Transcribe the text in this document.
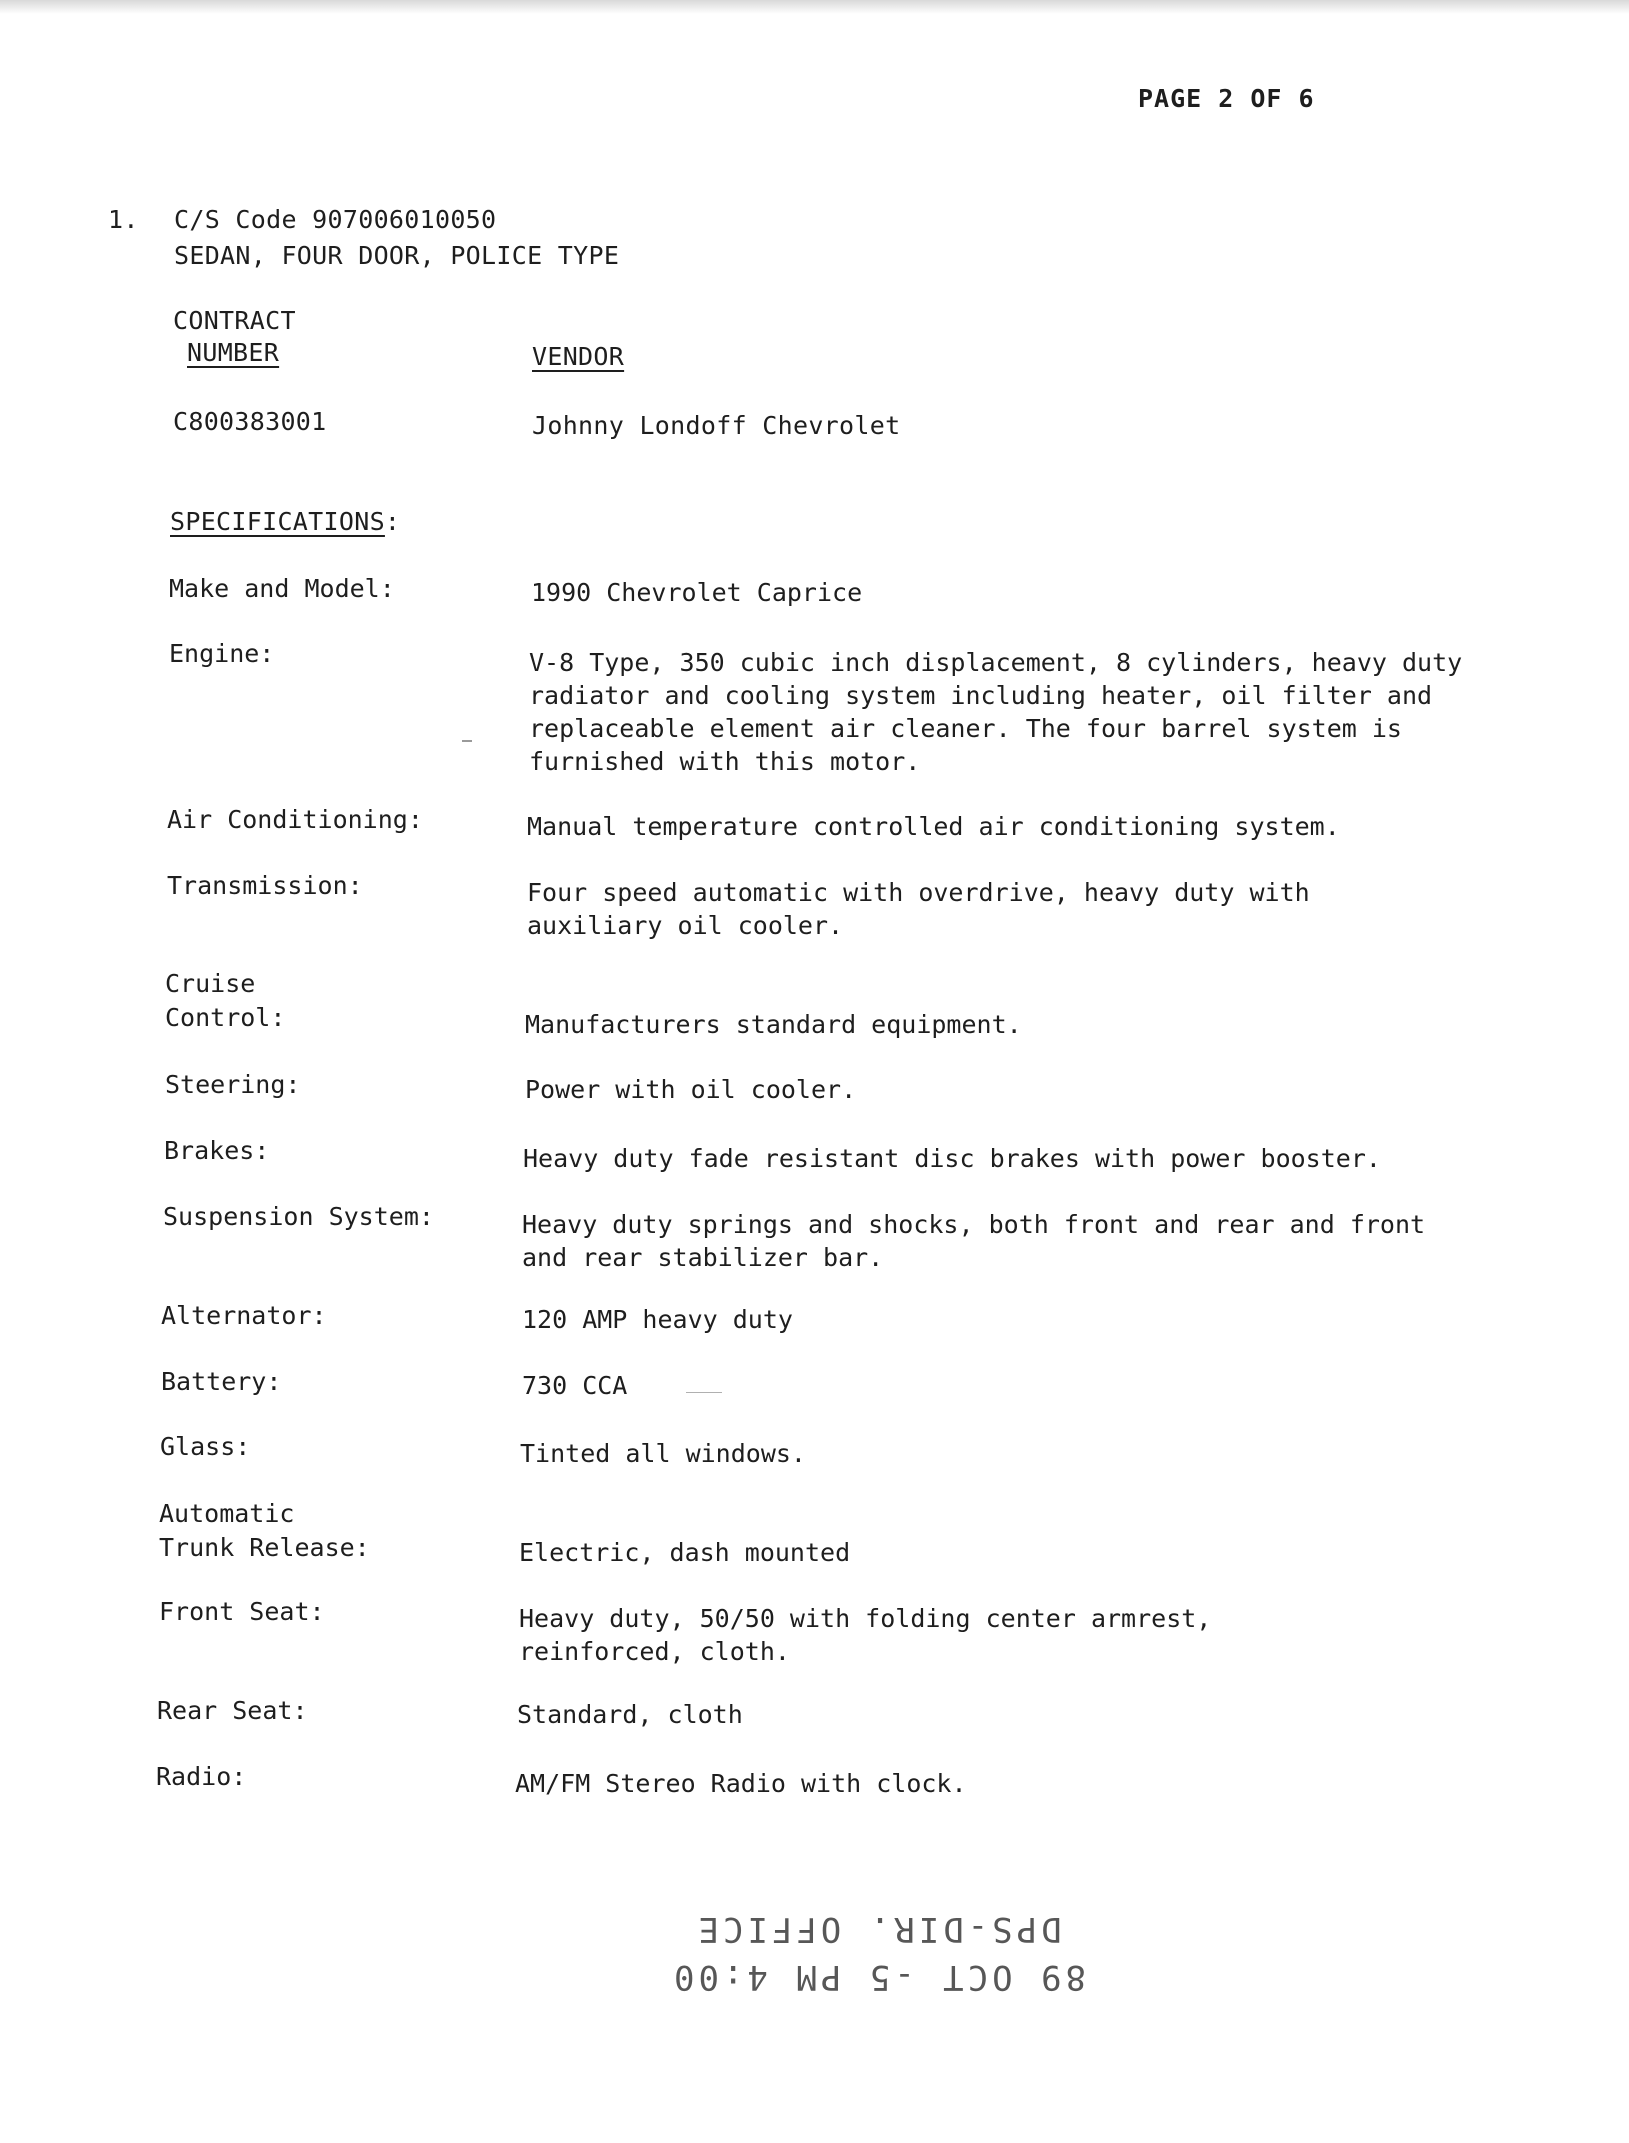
PAGE 2 OF 6
1. C/S Code 907006010050
SEDAN, FOUR DOOR, POLICE TYPE
CONTRACT
NUMBER	VENDOR
C800383001	Johnny Londoff Chevrolet
SPECIFICATIONS:
Make and Model:	1990 Chevrolet Caprice
Engine:	V-8 Type, 350 cubic inch displacement, 8 cylinders, heavy duty radiator and cooling system including heater, oil filter and replaceable element air cleaner. The four barrel system is furnished with this motor.
Air Conditioning:	Manual temperature controlled air conditioning system.
Transmission:	Four speed automatic with overdrive, heavy duty with auxiliary oil cooler.
Cruise
Control:	Manufacturers standard equipment.
Steering:	Power with oil cooler.
Brakes:	Heavy duty fade resistant disc brakes with power booster.
Suspension System:	Heavy duty springs and shocks, both front and rear and front and rear stabilizer bar.
Alternator:	120 AMP heavy duty
Battery:	730 CCA
Glass:	Tinted all windows.
Automatic
Trunk Release:	Electric, dash mounted
Front Seat:	Heavy duty, 50/50 with folding center armrest, reinforced, cloth.
Rear Seat:	Standard, cloth
Radio:	AM/FM Stereo Radio with clock.
89 OCT -5 PM 4:00
DPS-DIR. OFFICE
